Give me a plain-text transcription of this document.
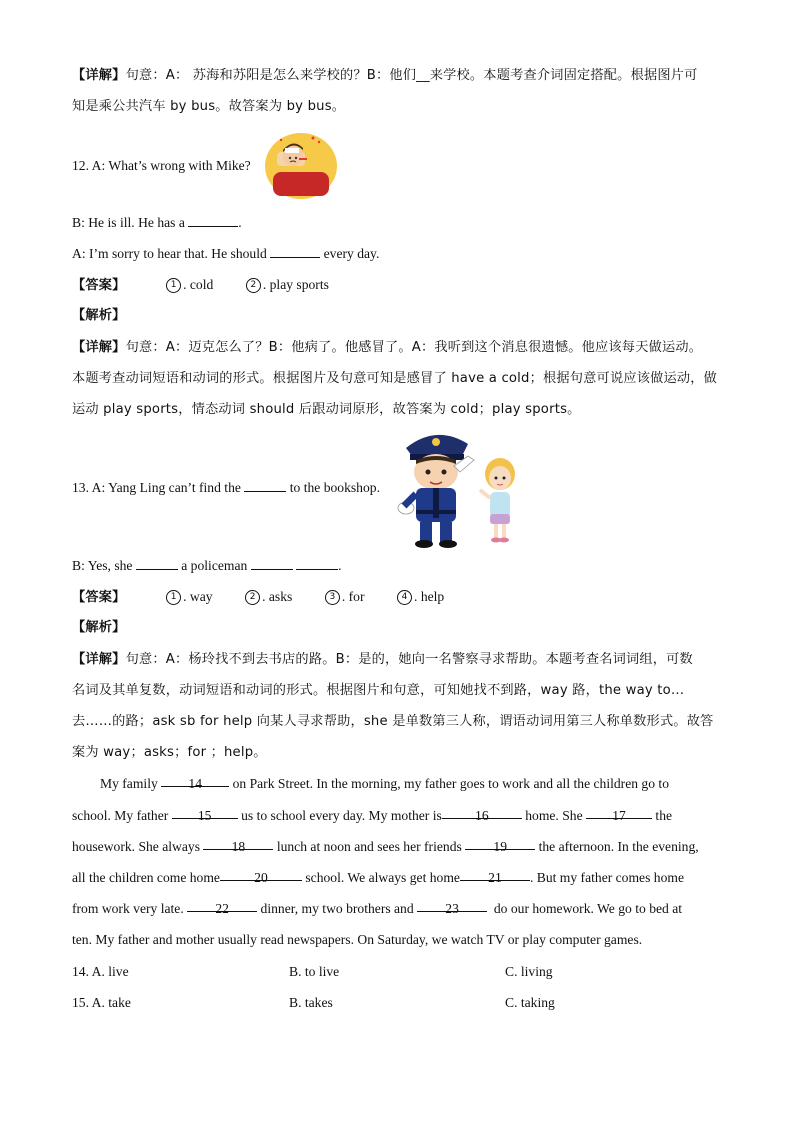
【详解】句意：A： 苏海和苏阳是怎么来学校的？B：他们__来学校。本题考查介词固定搭配。根据图片可
知是乘公共汽车 by bus。故答案为 by bus。
12. A: What’s wrong with Mike?
B: He is ill. He has a	.
A: I’m sorry to hear that. He should	every day.
【答案】	1 . cold	2 . play sports
【解析】
【详解】句意：A：迈克怎么了？B：他病了。他感冒了。A：我听到这个消息很遗憾。他应该每天做运动。
本题考查动词短语和动词的形式。根据图片及句意可知是感冒了 have a cold；根据句意可说应该做运动，做
运动 play sports，情态动词 should 后跟动词原形，故答案为 cold；play sports。
13. A: Yang Ling can’t find the	to the bookshop.
B: Yes, she	a policeman	.
【答案】	1 . way	2 . asks	3 . for	4 . help
【解析】
【详解】句意：A：杨玲找不到去书店的路。B：是的，她向一名警察寻求帮助。本题考查名词词组，可数
名词及其单复数，动词短语和动词的形式。根据图片和句意，可知她找不到路，way 路，the way to…
去……的路；ask sb for help 向某人寻求帮助，she 是单数第三人称，谓语动词用第三人称单数形式。故答
案为 way；asks；for ；help。
My family 14 on Park Street. In the morning, my father goes to work and all the children go to
school. My father 15 us to school every day. My mother is 16	home. She 17 the
housework. She always 18 lunch at noon and sees her friends 19 the afternoon. In the evening,
all the children come home	20	school. We always get home 21 . But my father comes home
from work very late. 22 dinner, my two brothers and 23	do our homework. We go to bed at
ten. My father and mother usually read newspapers. On Saturday, we watch TV or play computer games.
14. A. live	B. to live	C. living
15. A. take	B. takes	C. taking
